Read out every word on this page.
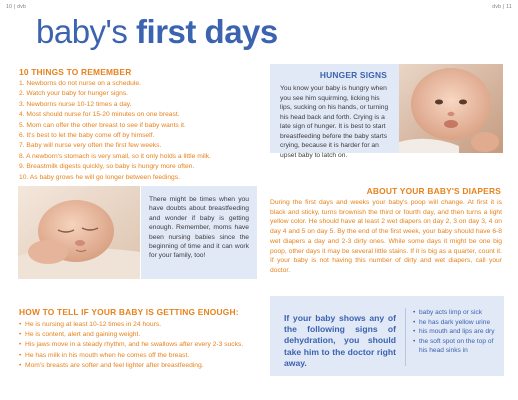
10 | dvb	dvb | 11
baby's first days
10 THINGS TO REMEMBER
1. Newborns do not nurse on a schedule.
2. Watch your baby for hunger signs.
3. Newborns nurse 10-12 times a day.
4. Most should nurse for 15-20 minutes on one breast.
5. Mom can offer the other breast to see if baby wants it.
6. It's best to let the baby come off by himself.
7. Baby will nurse very often the first few weeks.
8. A newborn's stomach is very small, so it only holds a little milk.
9. Breastmilk digests quickly, so baby is hungry more often.
10. As baby grows he will go longer between feedings.

There might be times when you have doubts about breastfeeding and wonder if baby is getting enough. Remember, moms have been nursing babies since the beginning of time and it can work for your family, too!

HUNGER SIGNS

You know your baby is hungry when you see him squirming, licking his lips, sucking on his hands, or turning his head back and forth. Crying is a late sign of hunger. It is best to start breastfeeding before the baby starts crying, because it is harder for an upset baby to latch on.

ABOUT YOUR BABY'S DIAPERS

During the first days and weeks your baby's poop will change. At first it is black and sticky, turns brownish the third or fourth day, and then turns a light yellow color. He should have at least 2 wet diapers on day 2, 3 on day 3, 4 on day 4 and 5 on day 5. By the end of the first week, your baby should have 6-8 wet diapers a day and 2-3 dirty ones. While some days it might be one big poop, other days it may be several little stains. If it is big as a quarter, count it. If your baby is not having this number of dirty and wet diapers, call your doctor.

HOW TO TELL IF YOUR BABY IS GETTING ENOUGH:
• He is nursing at least 10-12 times in 24 hours.
• He is content, alert and gaining weight.
• His jaws move in a steady rhythm, and he swallows after every 2-3 sucks.
• He has milk in his mouth when he comes off the breast.
• Mom's breasts are softer and feel lighter after breastfeeding.

If your baby shows any of the following signs of dehydration, you should take him to the doctor right away.

• baby acts limp or sick
• he has dark yellow urine
• his mouth and lips are dry
• the soft spot on the top of his head sinks in
